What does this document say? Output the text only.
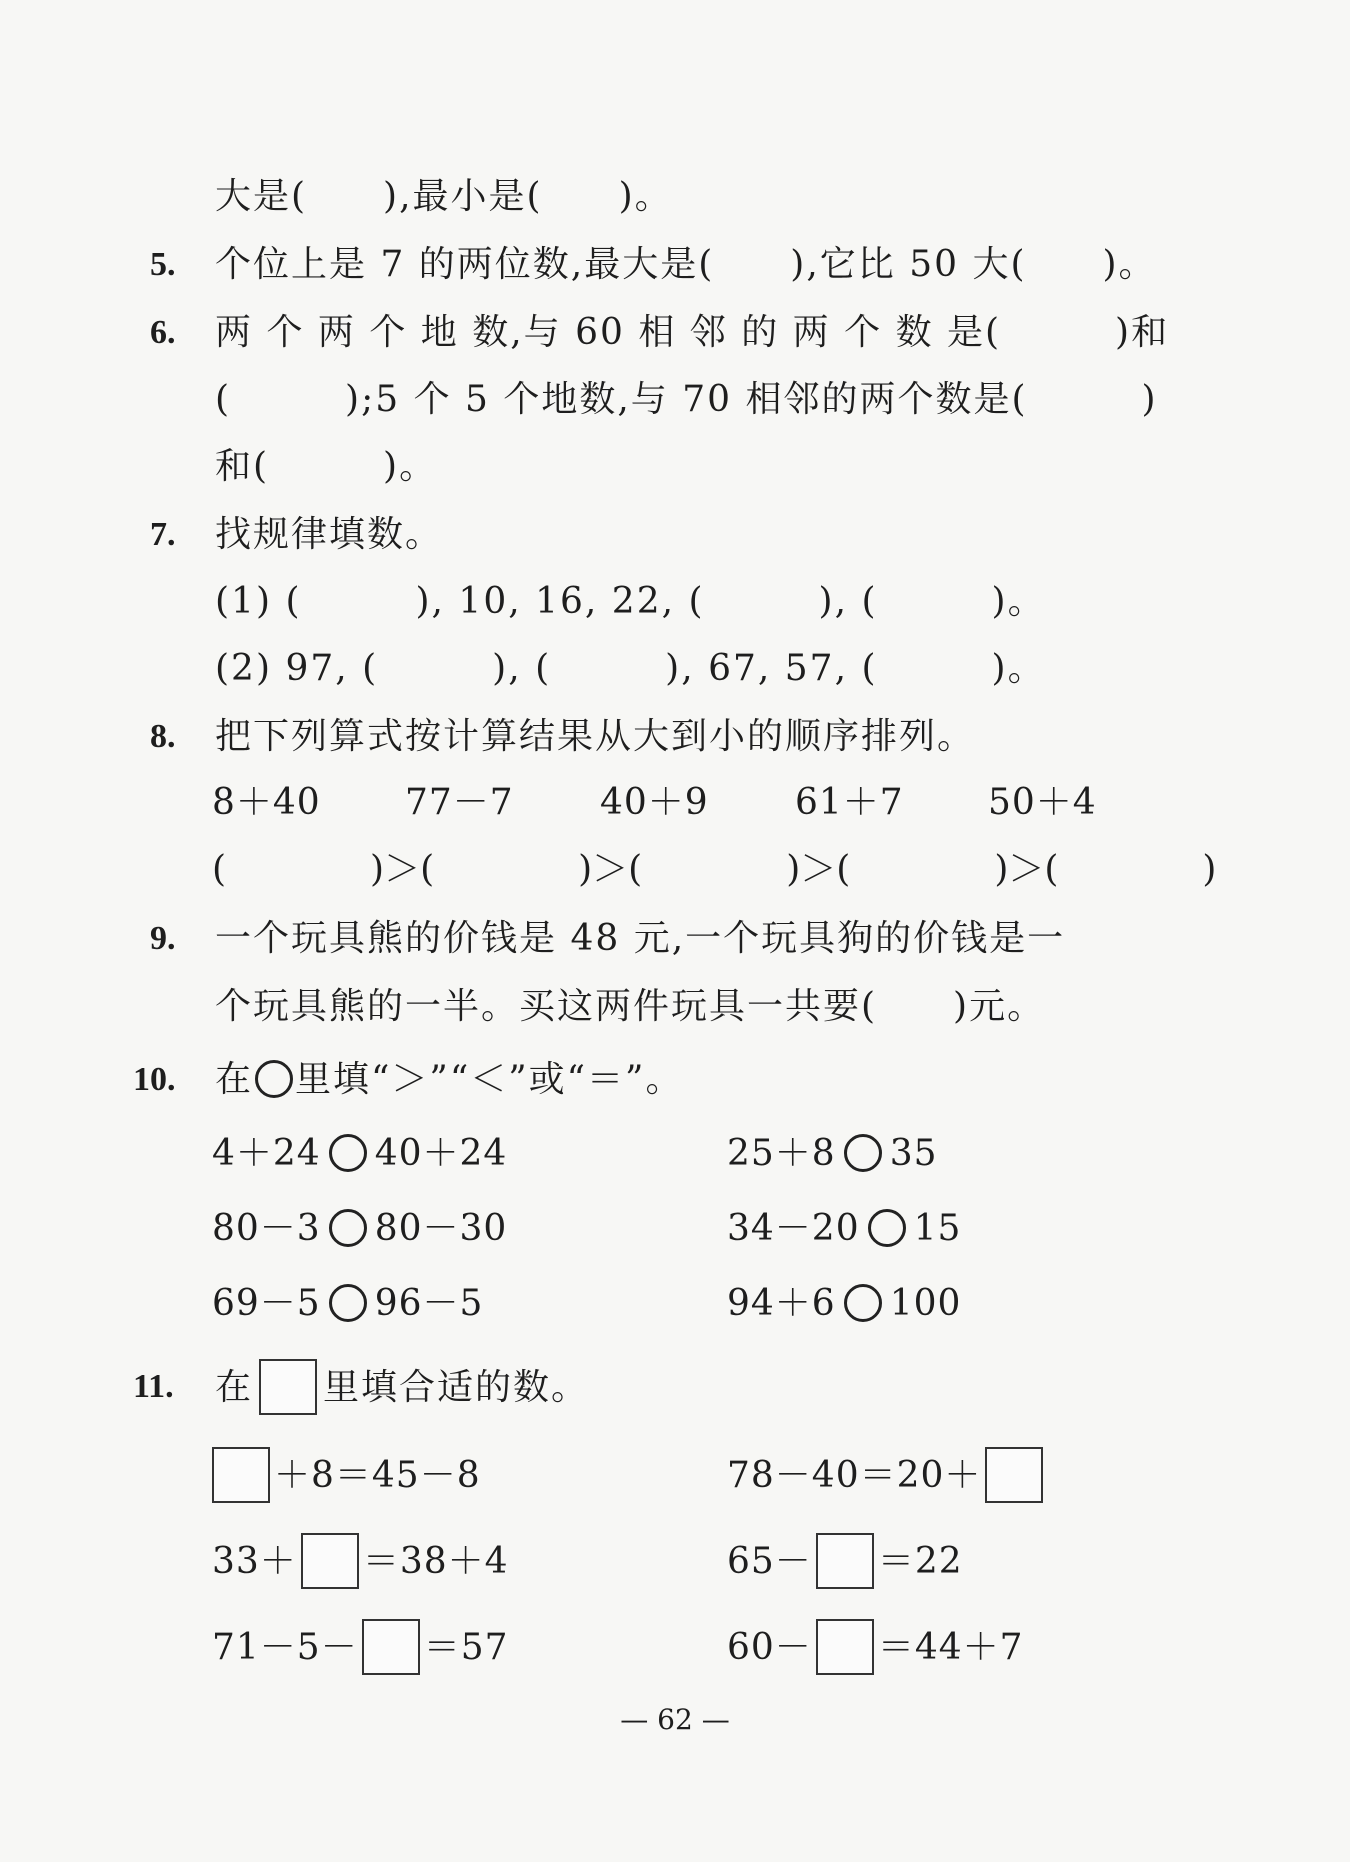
大是(　　),最小是(　　)。
5. 个位上是 7 的两位数,最大是(　　),它比 50 大(　　)。
6. 两 个 两 个 地 数,与 60 相 邻 的 两 个 数 是(　　　)和
(　　　);5 个 5 个地数,与 70 相邻的两个数是(　　　)
和(　　　)。
7. 找规律填数。
(1) (　　　), 10, 16, 22, (　　　), (　　　)。
(2) 97, (　　　), (　　　), 67, 57, (　　　)。
8. 把下列算式按计算结果从大到小的顺序排列。
8＋40 77－7 40＋9 61＋7 50＋4
(　　　　)＞(　　　　)＞(　　　　)＞(　　　　)＞(　　　　)
9. 一个玩具熊的价钱是 48 元,一个玩具狗的价钱是一
个玩具熊的一半。买这两件玩具一共要(　　)元。
10. 在 里填“＞”“＜”或“＝”。
4＋24 40＋24	25＋8 35
80－3 80－30	34－20 15
69－5 96－5	94＋6 100
11. 在 里填合适的数。
＋8＝45－8	78－40＝20＋
33＋ ＝38＋4	65－ ＝22
71－5－ ＝57	60－ ＝44＋7
— 62 —
